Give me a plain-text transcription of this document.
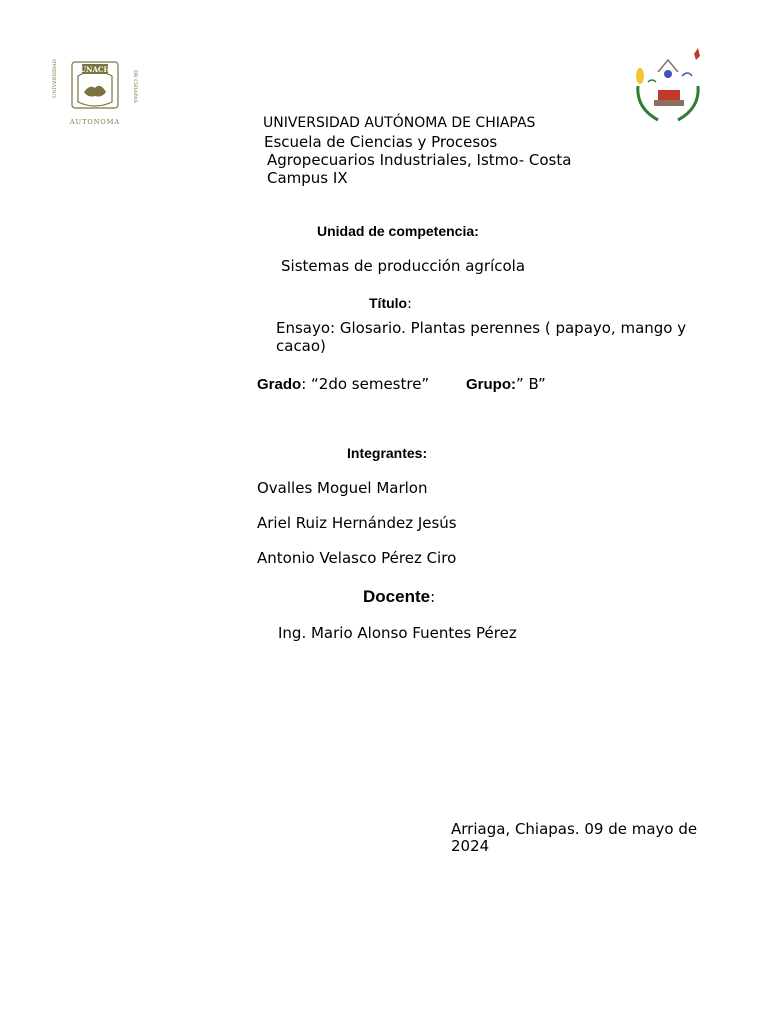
UNACH
UNIVERSIDAD	DE CHIAPAS
AUTONOMA	UNIVERSIDAD AUTÓNOMA DE CHIAPAS
Escuela de Ciencias y Procesos
Agropecuarios Industriales, Istmo- Costa
Campus IX
Unidad de competencia:
Sistemas de producción agrícola
Título:
Ensayo: Glosario. Plantas perennes ( papayo, mango y
cacao)
Grado: “2do semestre” Grupo:” B”
Integrantes:
Ovalles Moguel Marlon
Ariel Ruiz Hernández Jesús
Antonio Velasco Pérez Ciro
Docente:
Ing. Mario Alonso Fuentes Pérez
Arriaga, Chiapas. 09 de mayo de
2024
